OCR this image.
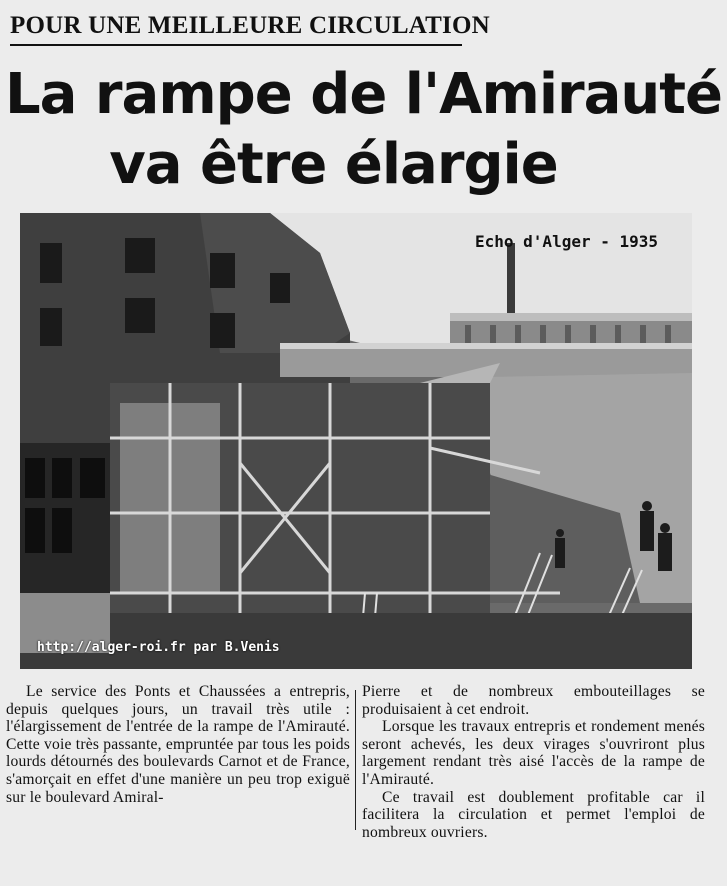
POUR UNE MEILLEURE CIRCULATION
La rampe de l'Amirauté
va être élargie
Echo d'Alger - 1935
http://alger-roi.fr par B.Venis

Le service des Ponts et Chaussées a entrepris, depuis quelques jours, un travail très utile : l'élargissement de l'entrée de la rampe de l'Amirauté. Cette voie très passante, empruntée par tous les poids lourds détournés des boulevards Carnot et de France, s'amorçait en effet d'une manière un peu trop exiguë sur le boulevard Amiral-

Pierre et de nombreux embouteillages se produisaient à cet endroit.

Lorsque les travaux entrepris et rondement menés seront achevés, les deux virages s'ouvriront plus largement rendant très aisé l'accès de la rampe de l'Amirauté.

Ce travail est doublement profitable car il facilitera la circulation et permet l'emploi de nombreux ouvriers.
